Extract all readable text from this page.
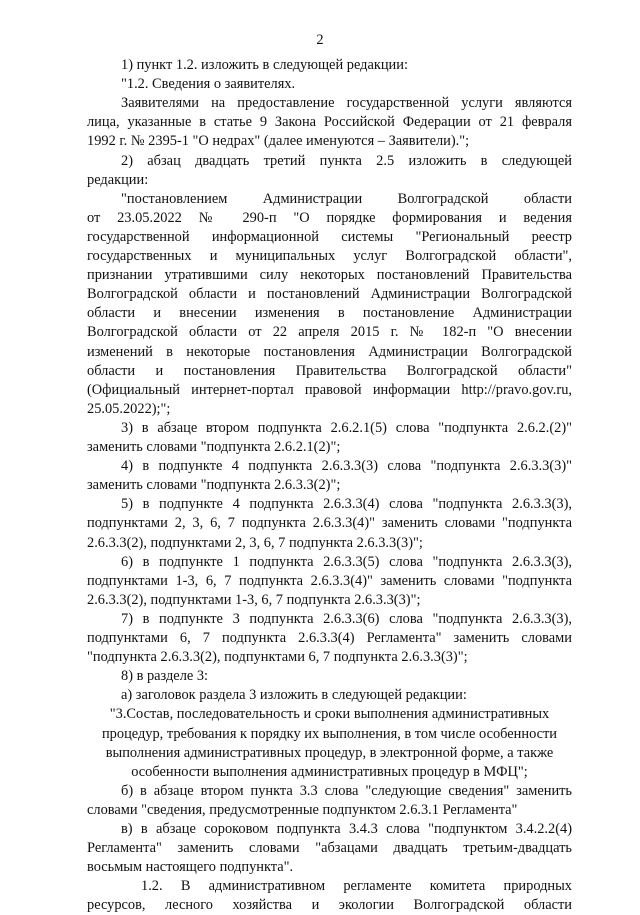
2
1) пункт 1.2. изложить в следующей редакции:
"1.2. Сведения о заявителях.
Заявителями на предоставление государственной услуги являются
лица, указанные в статье 9 Закона Российской Федерации от 21 февраля
1992 г. № 2395-1 "О недрах" (далее именуются – Заявители).";
2) абзац двадцать третий пункта 2.5 изложить в следующей
редакции:
"постановлением Администрации Волгоградской области
от 23.05.2022 № 290-п "О порядке формирования и ведения
государственной информационной системы "Региональный реестр
государственных и муниципальных услуг Волгоградской области",
признании утратившими силу некоторых постановлений Правительства
Волгоградской области и постановлений Администрации Волгоградской
области и внесении изменения в постановление Администрации
Волгоградской области от 22 апреля 2015 г. № 182-п "О внесении
изменений в некоторые постановления Администрации Волгоградской
области и постановления Правительства Волгоградской области"
(Официальный интернет-портал правовой информации http://pravo.gov.ru,
25.05.2022);";
3) в абзаце втором подпункта 2.6.2.1(5) слова "подпункта 2.6.2.(2)"
заменить словами "подпункта 2.6.2.1(2)";
4) в подпункте 4 подпункта 2.6.3.3(3) слова "подпункта 2.6.3.3(3)"
заменить словами "подпункта 2.6.3.3(2)";
5) в подпункте 4 подпункта 2.6.3.3(4) слова "подпункта 2.6.3.3(3),
подпунктами 2, 3, 6, 7 подпункта 2.6.3.3(4)" заменить словами "подпункта
2.6.3.3(2), подпунктами 2, 3, 6, 7 подпункта 2.6.3.3(3)";
6) в подпункте 1 подпункта 2.6.3.3(5) слова "подпункта 2.6.3.3(3),
подпунктами 1-3, 6, 7 подпункта 2.6.3.3(4)" заменить словами "подпункта
2.6.3.3(2), подпунктами 1-3, 6, 7 подпункта 2.6.3.3(3)";
7) в подпункте 3 подпункта 2.6.3.3(6) слова "подпункта 2.6.3.3(3),
подпунктами 6, 7 подпункта 2.6.3.3(4) Регламента" заменить словами
"подпункта 2.6.3.3(2), подпунктами 6, 7 подпункта 2.6.3.3(3)";
8) в разделе 3:
а) заголовок раздела 3 изложить в следующей редакции:
"3.Состав, последовательность и сроки выполнения административных
процедур, требования к порядку их выполнения, в том числе особенности
выполнения административных процедур, в электронной форме, а также
особенности выполнения административных процедур в МФЦ";
б) в абзаце втором пункта 3.3 слова "следующие сведения" заменить
словами "сведения, предусмотренные подпунктом 2.6.3.1 Регламента"
в) в абзаце сороковом подпункта 3.4.3 слова "подпунктом 3.4.2.2(4)
Регламента" заменить словами "абзацами двадцать третьим-двадцать
восьмым настоящего подпункта".
1.2. В административном регламенте комитета природных
ресурсов, лесного хозяйства и экологии Волгоградской области
